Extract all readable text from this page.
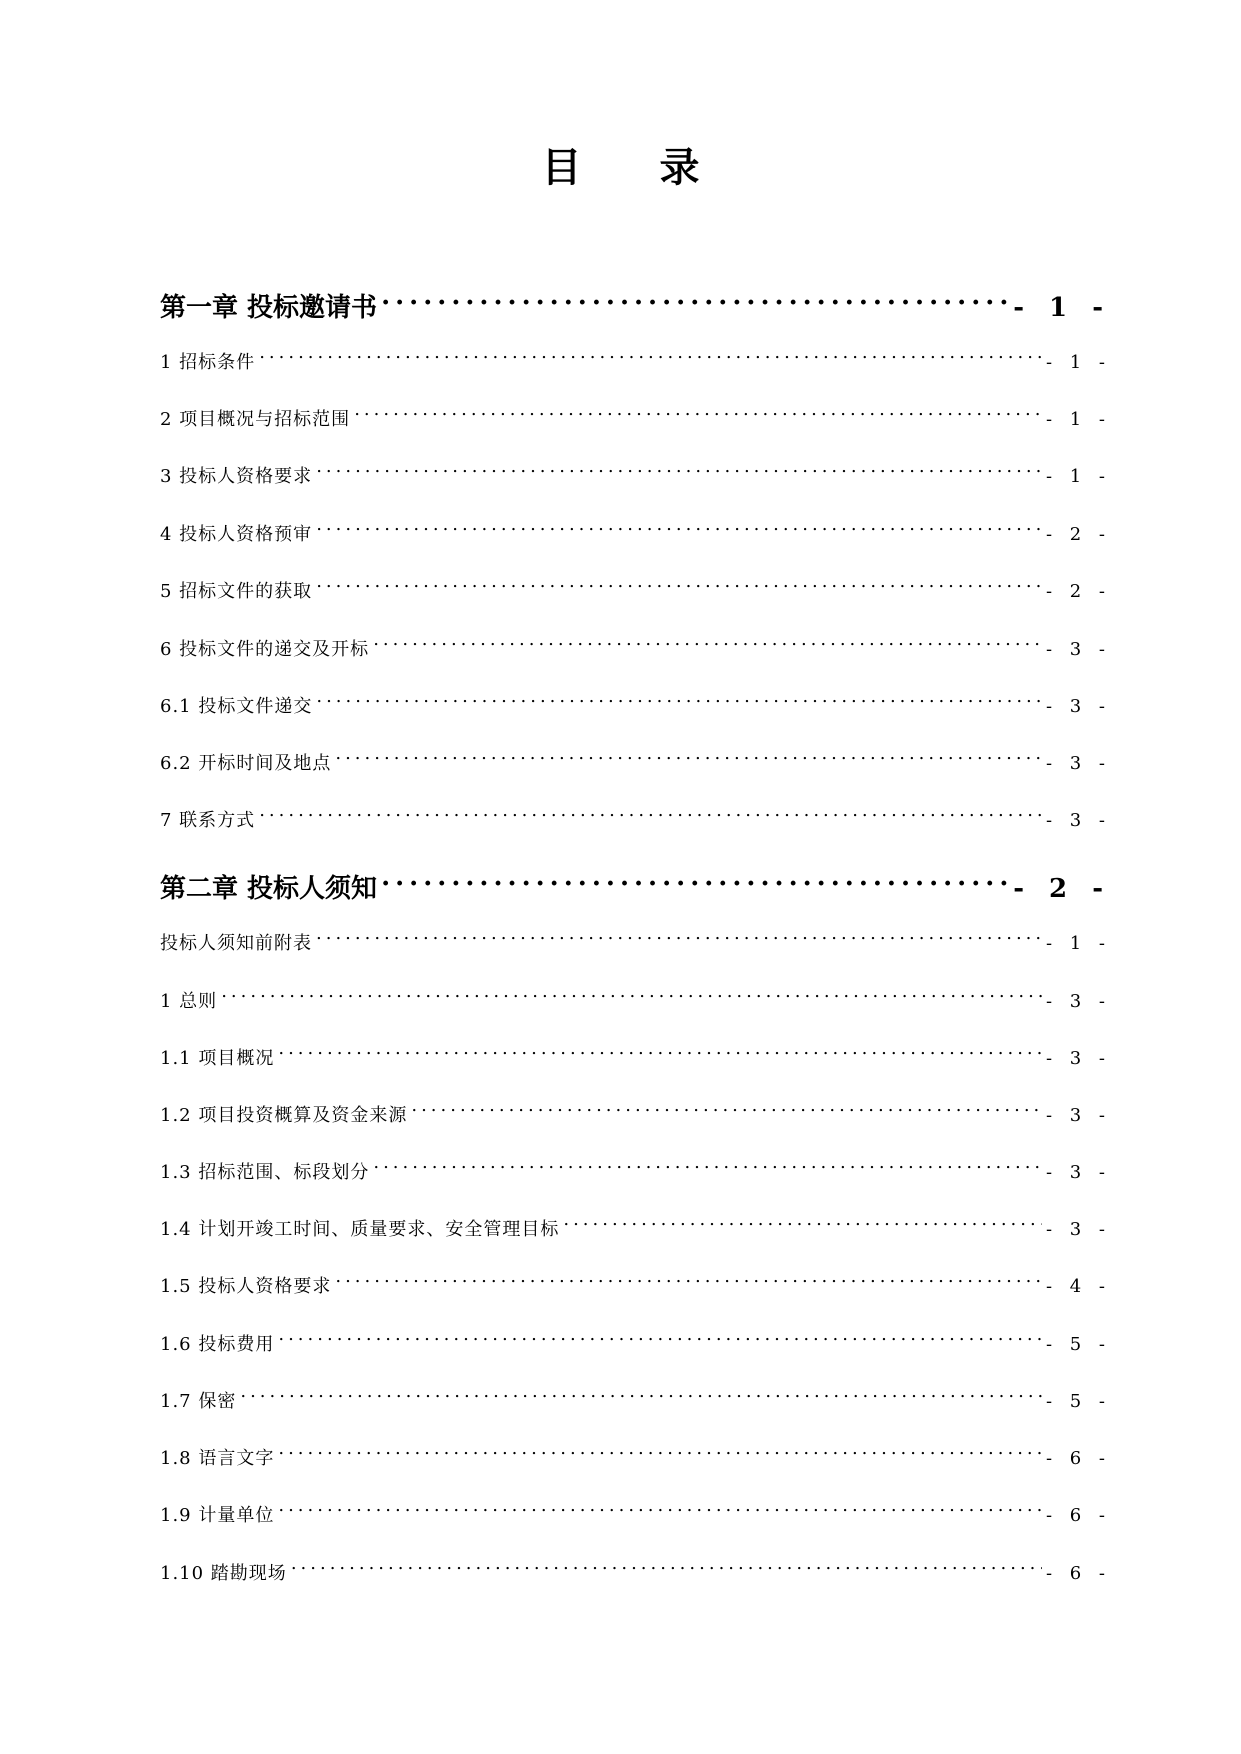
目录
第一章 投标邀请书 .....	- 1 -
1 招标条件 .....	- 1 -
2 项目概况与招标范围 .....	- 1 -
3 投标人资格要求 .....	- 1 -
4 投标人资格预审 .....	- 2 -
5 招标文件的获取 .....	- 2 -
6 投标文件的递交及开标 .....	- 3 -
6.1 投标文件递交 .....	- 3 -
6.2 开标时间及地点 .....	- 3 -
7 联系方式 .....	- 3 -
第二章 投标人须知 .....	- 2 -
投标人须知前附表 .....	- 1 -
1 总则 .....	- 3 -
1.1 项目概况 .....	- 3 -
1.2 项目投资概算及资金来源 .....	- 3 -
1.3 招标范围、标段划分 .....	- 3 -
1.4 计划开竣工时间、质量要求、安全管理目标 .....	- 3 -
1.5 投标人资格要求 .....	- 4 -
1.6 投标费用 .....	- 5 -
1.7 保密 .....	- 5 -
1.8 语言文字 .....	- 6 -
1.9 计量单位 .....	- 6 -
1.10 踏勘现场 .....	- 6 -
